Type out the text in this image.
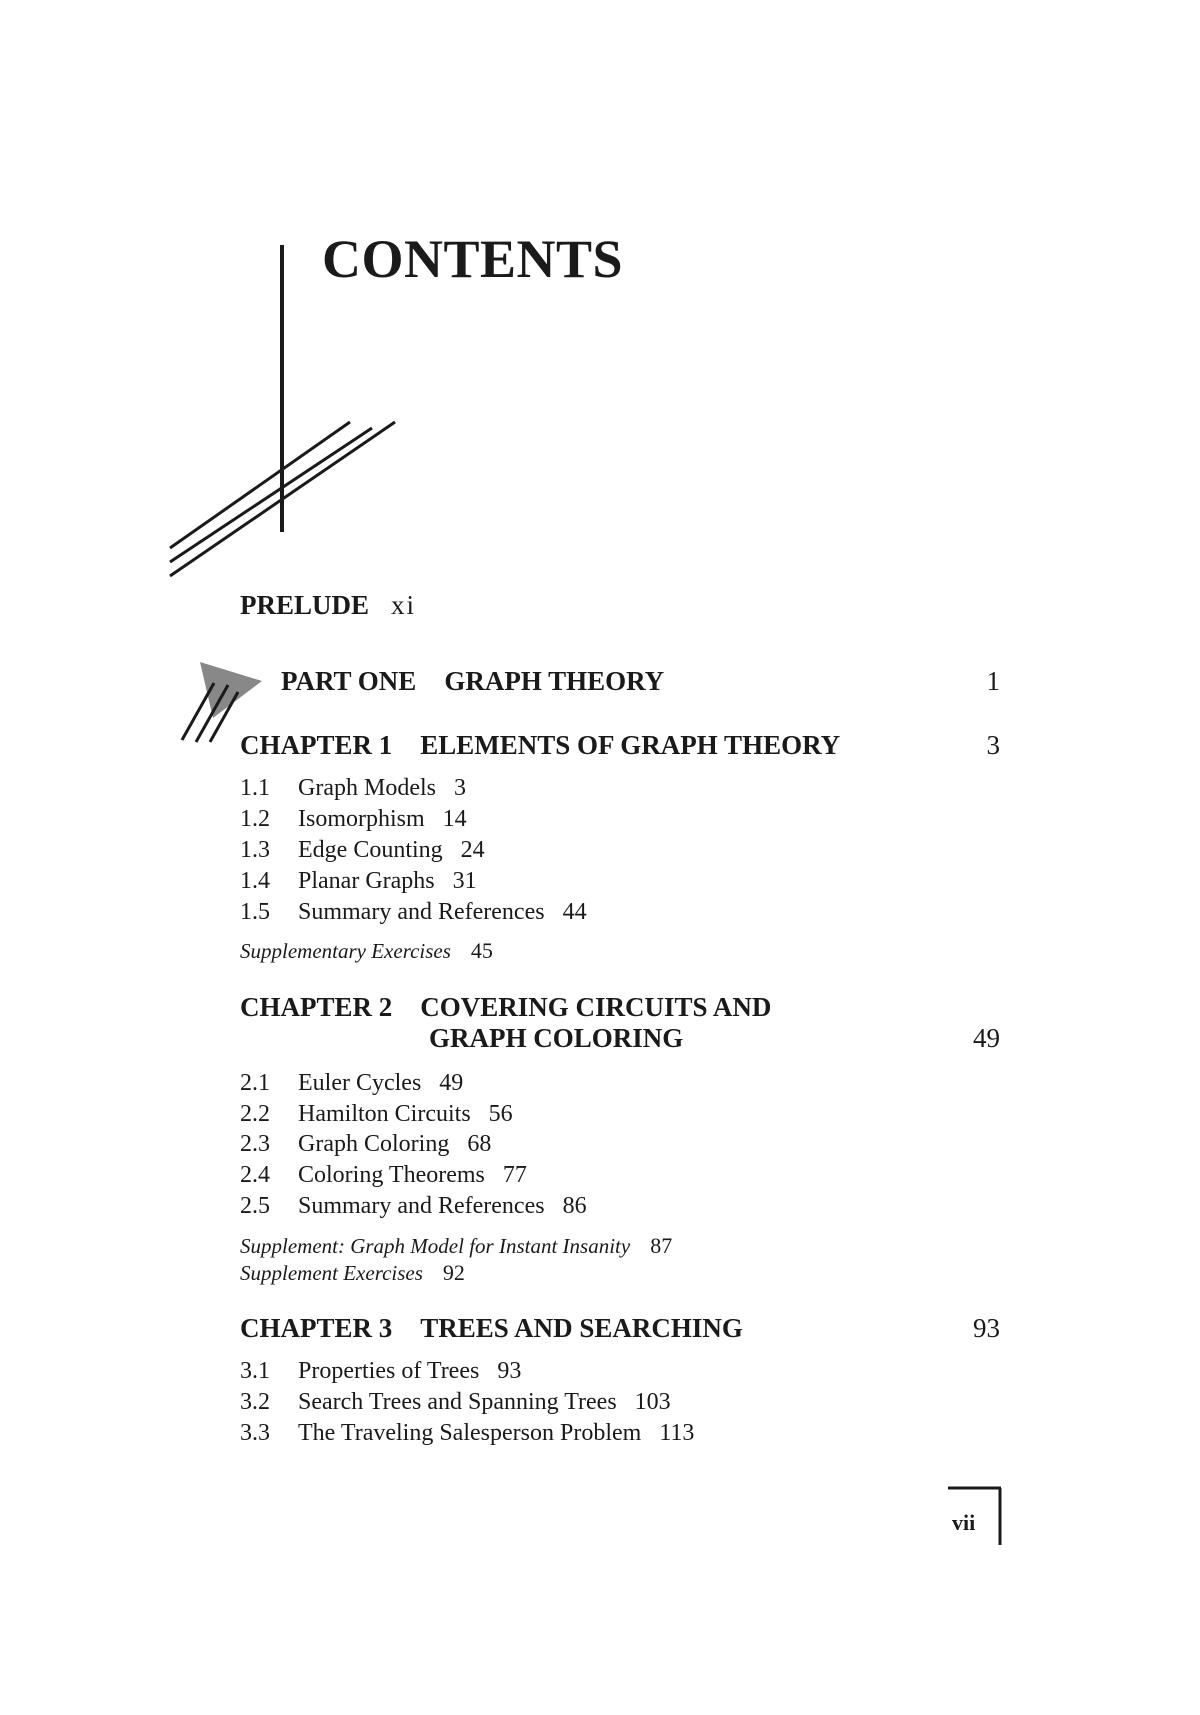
CONTENTS
PRELUDE xi
PART ONE GRAPH THEORY	1
CHAPTER 1 ELEMENTS OF GRAPH THEORY	3
1.1 Graph Models 3
1.2 Isomorphism 14
1.3 Edge Counting 24
1.4 Planar Graphs 31
1.5 Summary and References 44
Supplementary Exercises 45
CHAPTER 2 COVERING CIRCUITS AND
GRAPH COLORING	49
2.1 Euler Cycles 49
2.2 Hamilton Circuits 56
2.3 Graph Coloring 68
2.4 Coloring Theorems 77
2.5 Summary and References 86
Supplement: Graph Model for Instant Insanity 87
Supplement Exercises 92
CHAPTER 3 TREES AND SEARCHING	93
3.1 Properties of Trees 93
3.2 Search Trees and Spanning Trees 103
3.3 The Traveling Salesperson Problem 113
vii
